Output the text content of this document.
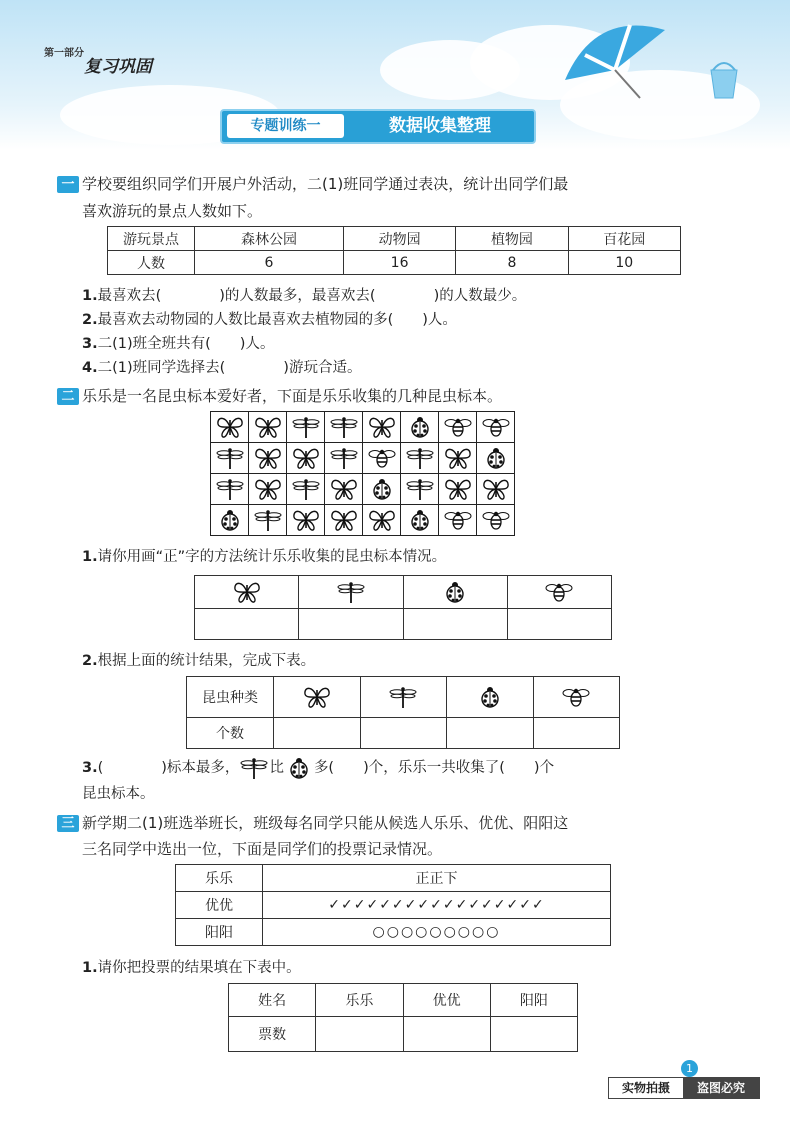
第一部分
复习巩固
专题训练一	数据收集整理
一 学校要组织同学们开展户外活动，二(1)班同学通过表决，统计出同学们最
喜欢游玩的景点人数如下。
游玩景点	森林公园	动物园	植物园	百花园
人数	6	16	8	10
1.最喜欢去(　　　　)的人数最多，最喜欢去(　　　　)的人数最少。
2.最喜欢去动物园的人数比最喜欢去植物园的多(　　)人。
3.二(1)班全班共有(　　)人。
4.二(1)班同学选择去(　　　　)游玩合适。
二 乐乐是一名昆虫标本爱好者，下面是乐乐收集的几种昆虫标本。

1.请你用画“正”字的方法统计乐乐收集的昆虫标本情况。

2.根据上面的统计结果，完成下表。
昆虫种类	

个数				
3. (　　　　)标本最多， 比 多(　　)个，乐乐一共收集了(　　)个
昆虫标本。
三 新学期二(1)班选举班长，班级每名同学只能从候选人乐乐、优优、阳阳这
三名同学中选出一位，下面是同学们的投票记录情况。
乐乐	正正下
优优	✓✓✓✓✓✓✓✓✓✓✓✓✓✓✓✓✓
阳阳	○○○○○○○○○
1.请你把投票的结果填在下表中。
姓名	乐乐	优优	阳阳
票数			
1
实物拍摄 盗图必究
